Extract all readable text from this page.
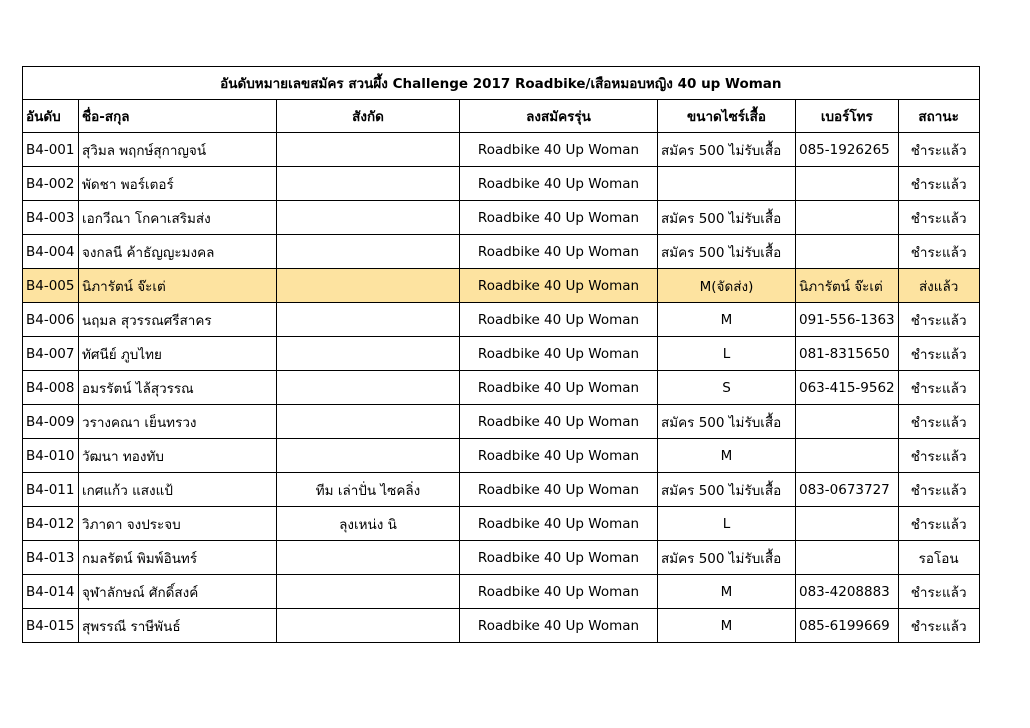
อันดับหมายเลขสมัคร สวนผึ้ง Challenge 2017 Roadbike/เสือหมอบหญิง 40 up Woman						
อันดับ	ชื่อ-สกุล	สังกัด	ลงสมัครรุ่น	ขนาดไซร์เสื้อ	เบอร์โทร	สถานะ
B4-001	สุวิมล พฤกษ์สุกาญจน์		Roadbike 40 Up Woman	สมัคร 500 ไม่รับเสื้อ	085-1926265	ชำระแล้ว
B4-002	พัดชา พอร์เตอร์		Roadbike 40 Up Woman			ชำระแล้ว
B4-003	เอกวีณา โกคาเสริมส่ง		Roadbike 40 Up Woman	สมัคร 500 ไม่รับเสื้อ		ชำระแล้ว
B4-004	จงกลนี ค้าธัญญะมงคล		Roadbike 40 Up Woman	สมัคร 500 ไม่รับเสื้อ		ชำระแล้ว
B4-005	นิภารัตน์ จ๊ะเต่		Roadbike 40 Up Woman	M(จัดส่ง)	นิภารัตน์ จ๊ะเต่	ส่งแล้ว
B4-006	นฤมล สุวรรณศรีสาคร		Roadbike 40 Up Woman	M	091-556-1363	ชำระแล้ว
B4-007	ทัศนีย์ ภูบไทย		Roadbike 40 Up Woman	L	081-8315650	ชำระแล้ว
B4-008	อมรรัตน์ ไล้สุวรรณ		Roadbike 40 Up Woman	S	063-415-9562	ชำระแล้ว
B4-009	วรางคณา เย็นทรวง		Roadbike 40 Up Woman	สมัคร 500 ไม่รับเสื้อ		ชำระแล้ว
B4-010	วัฒนา ทองทับ		Roadbike 40 Up Woman	M		ชำระแล้ว
B4-011	เกศแก้ว แสงแป้	ทีม เล่าปั่น ไซคลิ่ง	Roadbike 40 Up Woman	สมัคร 500 ไม่รับเสื้อ	083-0673727	ชำระแล้ว
B4-012	วิภาดา จงประจบ	ลุงเหน่ง นิ	Roadbike 40 Up Woman	L		ชำระแล้ว
B4-013	กมลรัตน์ พิมพ์อินทร์		Roadbike 40 Up Woman	สมัคร 500 ไม่รับเสื้อ		รอโอน
B4-014	จุฬาลักษณ์ ศักดิ์สงค์		Roadbike 40 Up Woman	M	083-4208883	ชำระแล้ว
B4-015	สุพรรณี ราษีพันธ์		Roadbike 40 Up Woman	M	085-6199669	ชำระแล้ว
